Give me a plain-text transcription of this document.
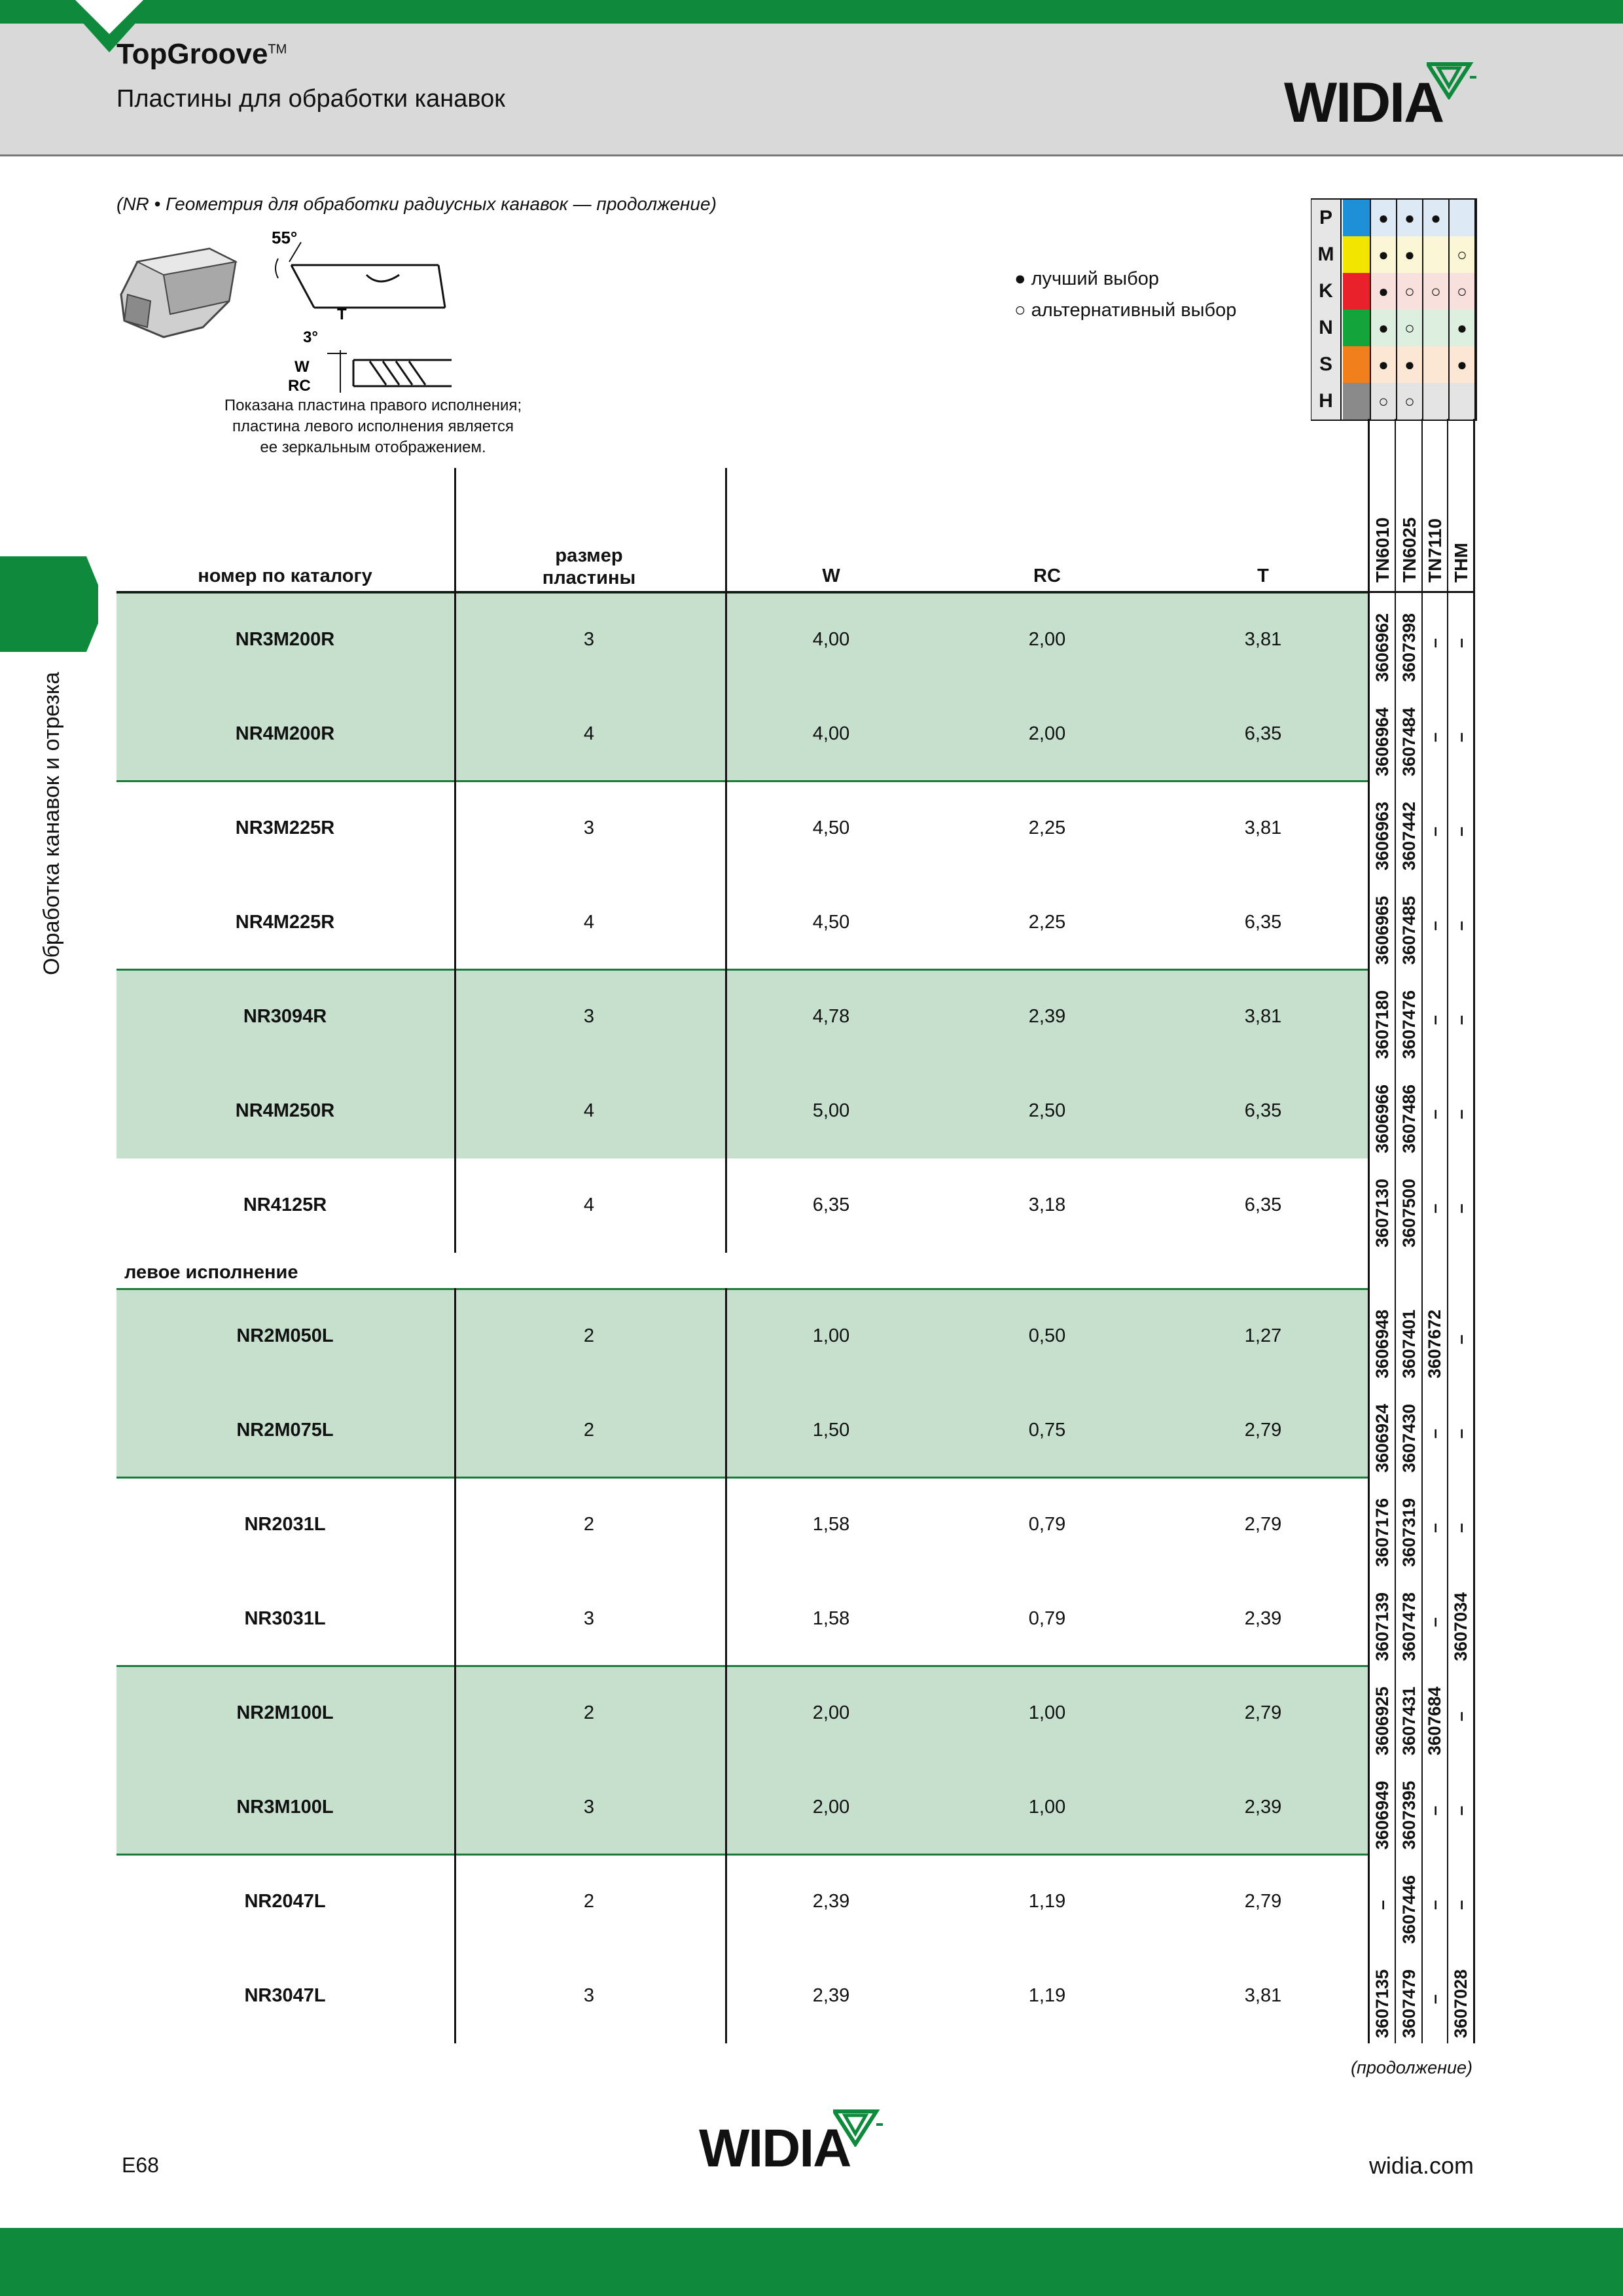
TopGroove™
Пластины для обработки канавок	WIDIA
(NR • Геометрия для обработки радиусных канавок — продолжение)
55°
T
3°
W
RC
Показана пластина правого исполнения;
пластина левого исполнения является
ее зеркальным отображением.
● лучший выбор
○ альтернативный выбор
P	● ● ●
M	● ●	○
K	● ○ ○ ○
N	● ○	●
S	● ●	●
H	○ ○
Обработка канавок и отрезка
номер по каталогу
размер
пластины	W	RC	T	TN6010 TN6025 TN7110 THM
NR3M200R	3	4,00	2,00	3,81	3606962 3607398 – –
NR4M200R	4	4,00	2,00	6,35	3606964 3607484 – –
NR3M225R	3	4,50	2,25	3,81	3606963 3607442 – –
NR4M225R	4	4,50	2,25	6,35	3606965 3607485 – –
NR3094R	3	4,78	2,39	3,81	3607180 3607476 – –
NR4M250R	4	5,00	2,50	6,35	3606966 3607486 – –
NR4125R	4	6,35	3,18	6,35	3607130 3607500 – –
NR2M050L	2	1,00	0,50	1,27	3606948 3607401 3607672 –
NR2M075L	2	1,50	0,75	2,79	3606924 3607430 – –
NR2031L	2	1,58	0,79	2,79	3607176 3607319 – –
NR3031L	3	1,58	0,79	2,39	3607139 3607478 – 3607034
NR2M100L	2	2,00	1,00	2,79	3606925 3607431 3607684 –
NR3M100L	3	2,00	1,00	2,39	3606949 3607395 – –
NR2047L	2	2,39	1,19	2,79	– 3607446 – –
NR3047L	3	2,39	1,19	3,81	3607135 3607479 – 3607028
левое исполнение
(продолжение)
E68	WIDIA	widia.com
